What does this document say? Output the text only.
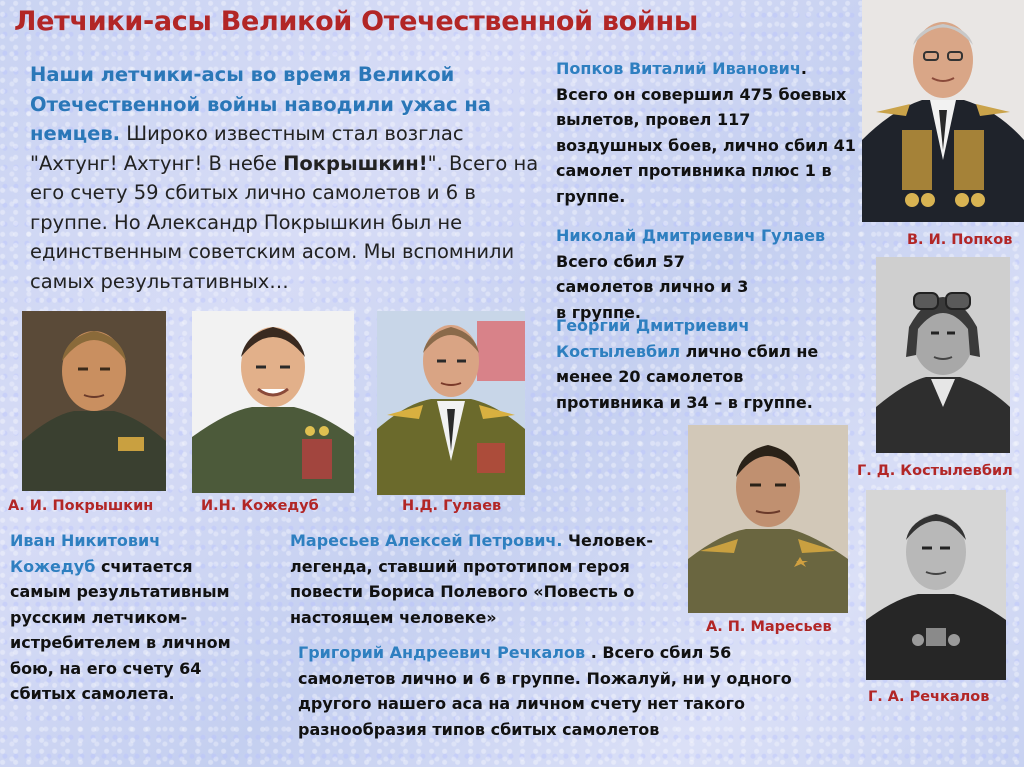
Летчики-асы Великой Отечественной войны
Наши летчики-асы во время Великой Отечественной войны наводили ужас на немцев. Широко известным стал возглас "Ахтунг! Ахтунг! В небе Покрышкин!". Всего на его счету 59 сбитых лично самолетов и 6 в группе. Но Александр Покрышкин был не единственным советским асом. Мы вспомнили самых результативных…
Попков Виталий Иванович.
Всего он совершил 475 боевых вылетов, провел 117 воздушных боев, лично сбил 41 самолет противника плюс 1 в группе.
Николай Дмитриевич Гулаев
Всего сбил 57 самолетов лично и 3 в группе.
Георгий Дмитриевич Костылевбил лично сбил не менее 20 самолетов противника и 34 – в группе.
Иван Никитович Кожедуб считается самым результативным русским летчиком-истребителем в личном бою, на его счету 64 сбитых самолета.
Маресьев Алексей Петрович. Человек-легенда, ставший прототипом героя повести Бориса Полевого «Повесть о настоящем человеке»
Григорий Андреевич Речкалов . Всего сбил 56 самолетов лично и 6 в группе. Пожалуй, ни у одного другого нашего аса на личном счету нет такого разнообразия типов сбитых самолетов
В. И. Попков
Г. Д. Костылевбил
Г. А. Речкалов
А. И. Покрышкин	И.Н. Кожедуб	Н.Д. Гулаев
А. П. Маресьев
